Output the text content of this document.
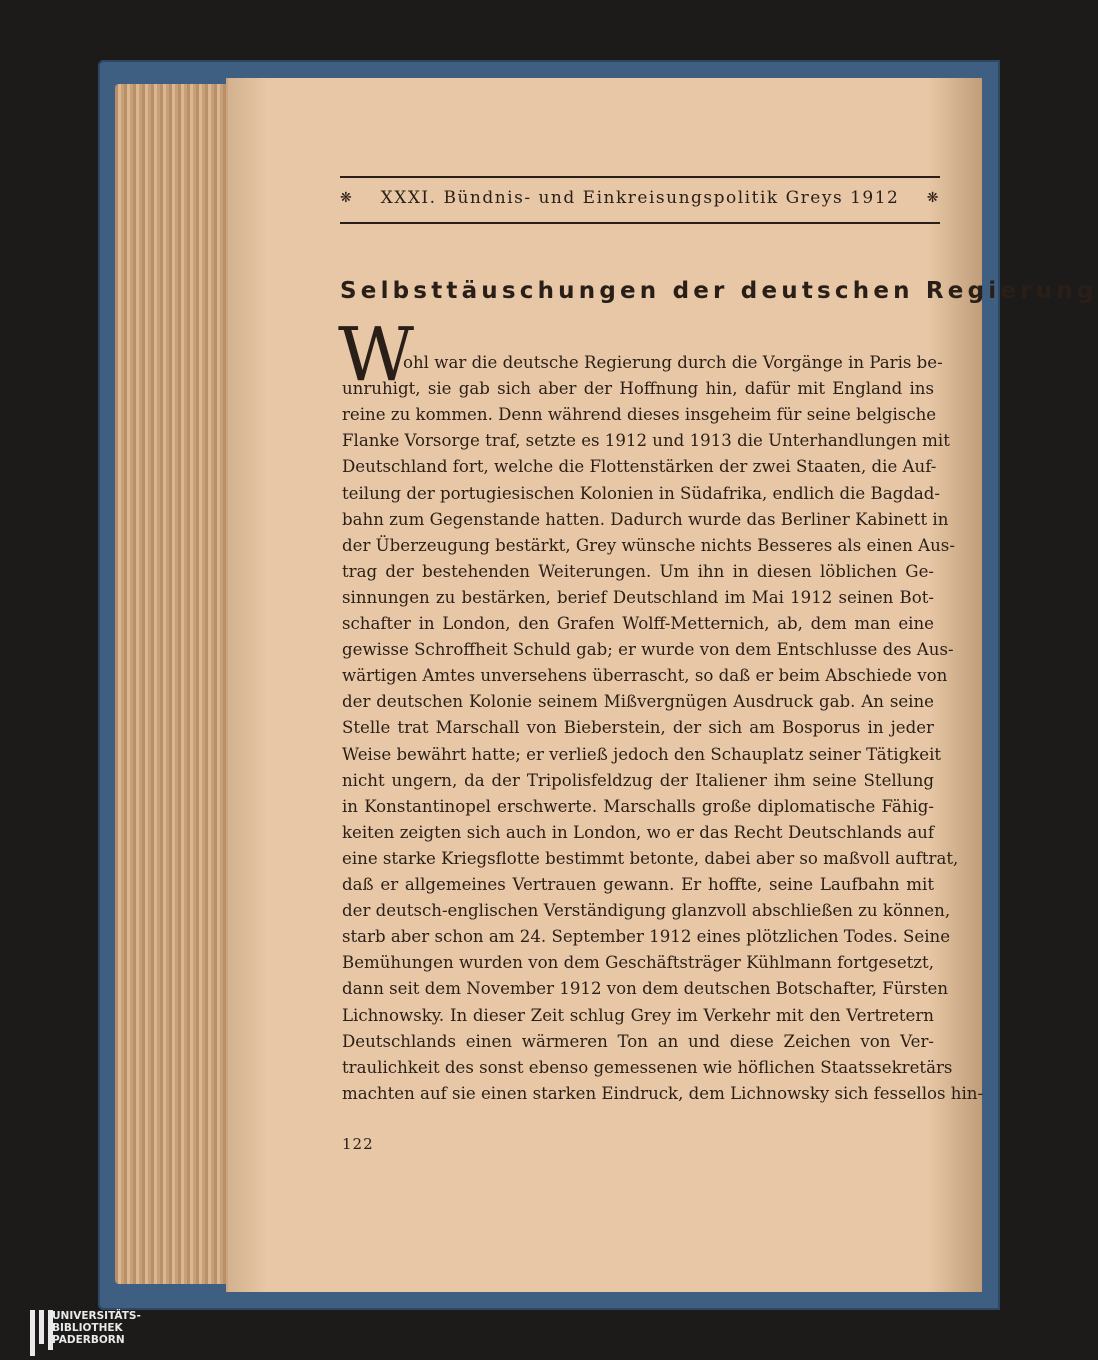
❋	XXXI. Bündnis- und Einkreisungspolitik Greys 1912	❋
Selbsttäuschungen der deutschen Regierung
W
ohl war die deutsche Regierung durch die Vorgänge in Paris be-
unruhigt, sie gab sich aber der Hoffnung hin, dafür mit England ins
reine zu kommen. Denn während dieses insgeheim für seine belgische
Flanke Vorsorge traf, setzte es 1912 und 1913 die Unterhandlungen mit
Deutschland fort, welche die Flottenstärken der zwei Staaten, die Auf-
teilung der portugiesischen Kolonien in Südafrika, endlich die Bagdad-
bahn zum Gegenstande hatten. Dadurch wurde das Berliner Kabinett in
der Überzeugung bestärkt, Grey wünsche nichts Besseres als einen Aus-
trag der bestehenden Weiterungen. Um ihn in diesen löblichen Ge-
sinnungen zu bestärken, berief Deutschland im Mai 1912 seinen Bot-
schafter in London, den Grafen Wolff-Metternich, ab, dem man eine
gewisse Schroffheit Schuld gab; er wurde von dem Entschlusse des Aus-
wärtigen Amtes unversehens überrascht, so daß er beim Abschiede von
der deutschen Kolonie seinem Mißvergnügen Ausdruck gab. An seine
Stelle trat Marschall von Bieberstein, der sich am Bosporus in jeder
Weise bewährt hatte; er verließ jedoch den Schauplatz seiner Tätigkeit
nicht ungern, da der Tripolisfeldzug der Italiener ihm seine Stellung
in Konstantinopel erschwerte. Marschalls große diplomatische Fähig-
keiten zeigten sich auch in London, wo er das Recht Deutschlands auf
eine starke Kriegsflotte bestimmt betonte, dabei aber so maßvoll auftrat,
daß er allgemeines Vertrauen gewann. Er hoffte, seine Laufbahn mit
der deutsch-englischen Verständigung glanzvoll abschließen zu können,
starb aber schon am 24. September 1912 eines plötzlichen Todes. Seine
Bemühungen wurden von dem Geschäftsträger Kühlmann fortgesetzt,
dann seit dem November 1912 von dem deutschen Botschafter, Fürsten
Lichnowsky. In dieser Zeit schlug Grey im Verkehr mit den Vertretern
Deutschlands einen wärmeren Ton an und diese Zeichen von Ver-
traulichkeit des sonst ebenso gemessenen wie höflichen Staatssekretärs
machten auf sie einen starken Eindruck, dem Lichnowsky sich fessellos hin-
122
UNIVERSITÄTS-
BIBLIOTHEK
PADERBORN
